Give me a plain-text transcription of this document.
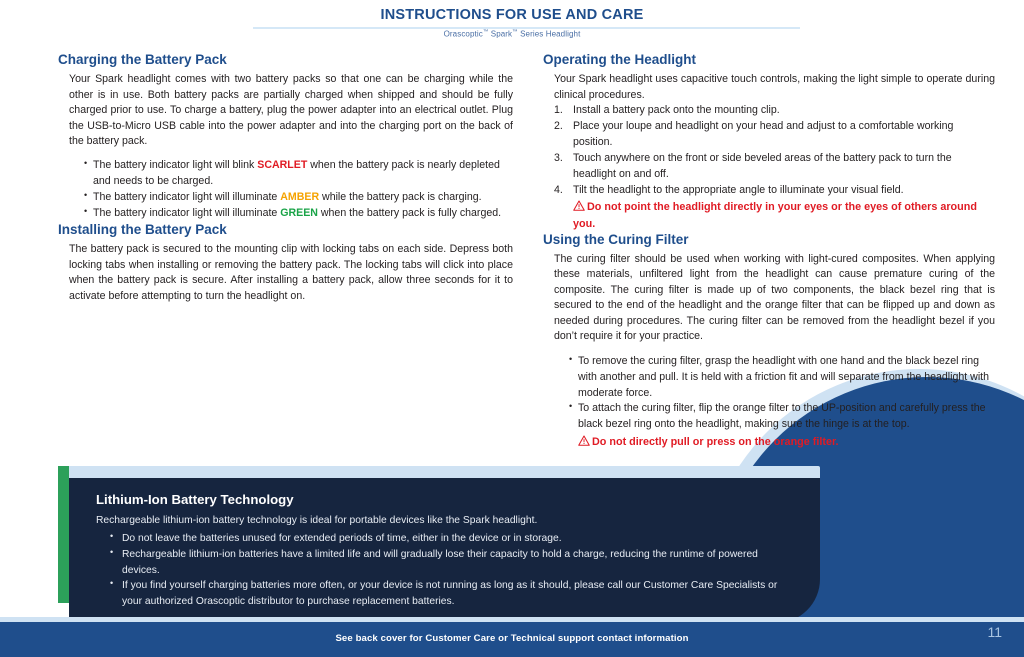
INSTRUCTIONS FOR USE AND CARE
Orascoptic™ Spark™ Series Headlight
Charging the Battery Pack

Your Spark headlight comes with two battery packs so that one can be charging while the other is in use. Both battery packs are partially charged when shipped and should be fully charged prior to use. To charge a battery, plug the power adapter into an electrical outlet. Plug the USB-to-Micro USB cable into the power adapter and into the charging port on the back of the battery pack.

• The battery indicator light will blink SCARLET when the battery pack is nearly depleted and needs to be charged.
• The battery indicator light will illuminate AMBER while the battery pack is charging.
• The battery indicator light will illuminate GREEN when the battery pack is fully charged.
Installing the Battery Pack

The battery pack is secured to the mounting clip with locking tabs on each side. Depress both locking tabs when installing or removing the battery pack. The locking tabs will click into place when the battery pack is secure. After installing a battery pack, allow three seconds for it to activate before attempting to turn the headlight on.

Operating the Headlight

Your Spark headlight uses capacitive touch controls, making the light simple to operate during clinical procedures.

Install a battery pack onto the mounting clip.
Place your loupe and headlight on your head and adjust to a comfortable working position.
Touch anywhere on the front or side beveled areas of the battery pack to turn the headlight on and off.
Tilt the headlight to the appropriate angle to illuminate your visual field.
Do not point the headlight directly in your eyes or the eyes of others around you.
Using the Curing Filter

The curing filter should be used when working with light-cured composites. When applying these materials, unfiltered light from the headlight can cause premature curing of the composite. The curing filter is made up of two components, the black bezel ring that is secured to the end of the headlight and the orange filter that can be flipped up and down as needed during procedures. The curing filter can be removed from the headlight bezel if you don’t require it for your practice.

• To remove the curing filter, grasp the headlight with one hand and the black bezel ring with another and pull. It is held with a friction fit and will separate from the headlight with moderate force.
• To attach the curing filter, flip the orange filter to the UP-position and carefully press the black bezel ring onto the headlight, making sure the hinge is at the top.
Do not directly pull or press on the orange filter.
Lithium-Ion Battery Technology

Rechargeable lithium-ion battery technology is ideal for portable devices like the Spark headlight.

• Do not leave the batteries unused for extended periods of time, either in the device or in storage.
• Rechargeable lithium-ion batteries have a limited life and will gradually lose their capacity to hold a charge, reducing the runtime of powered devices.
• If you find yourself charging batteries more often, or your device is not running as long as it should, please call our Customer Care Specialists or your authorized Orascoptic distributor to purchase replacement batteries.
See back cover for Customer Care or Technical support contact information	11
